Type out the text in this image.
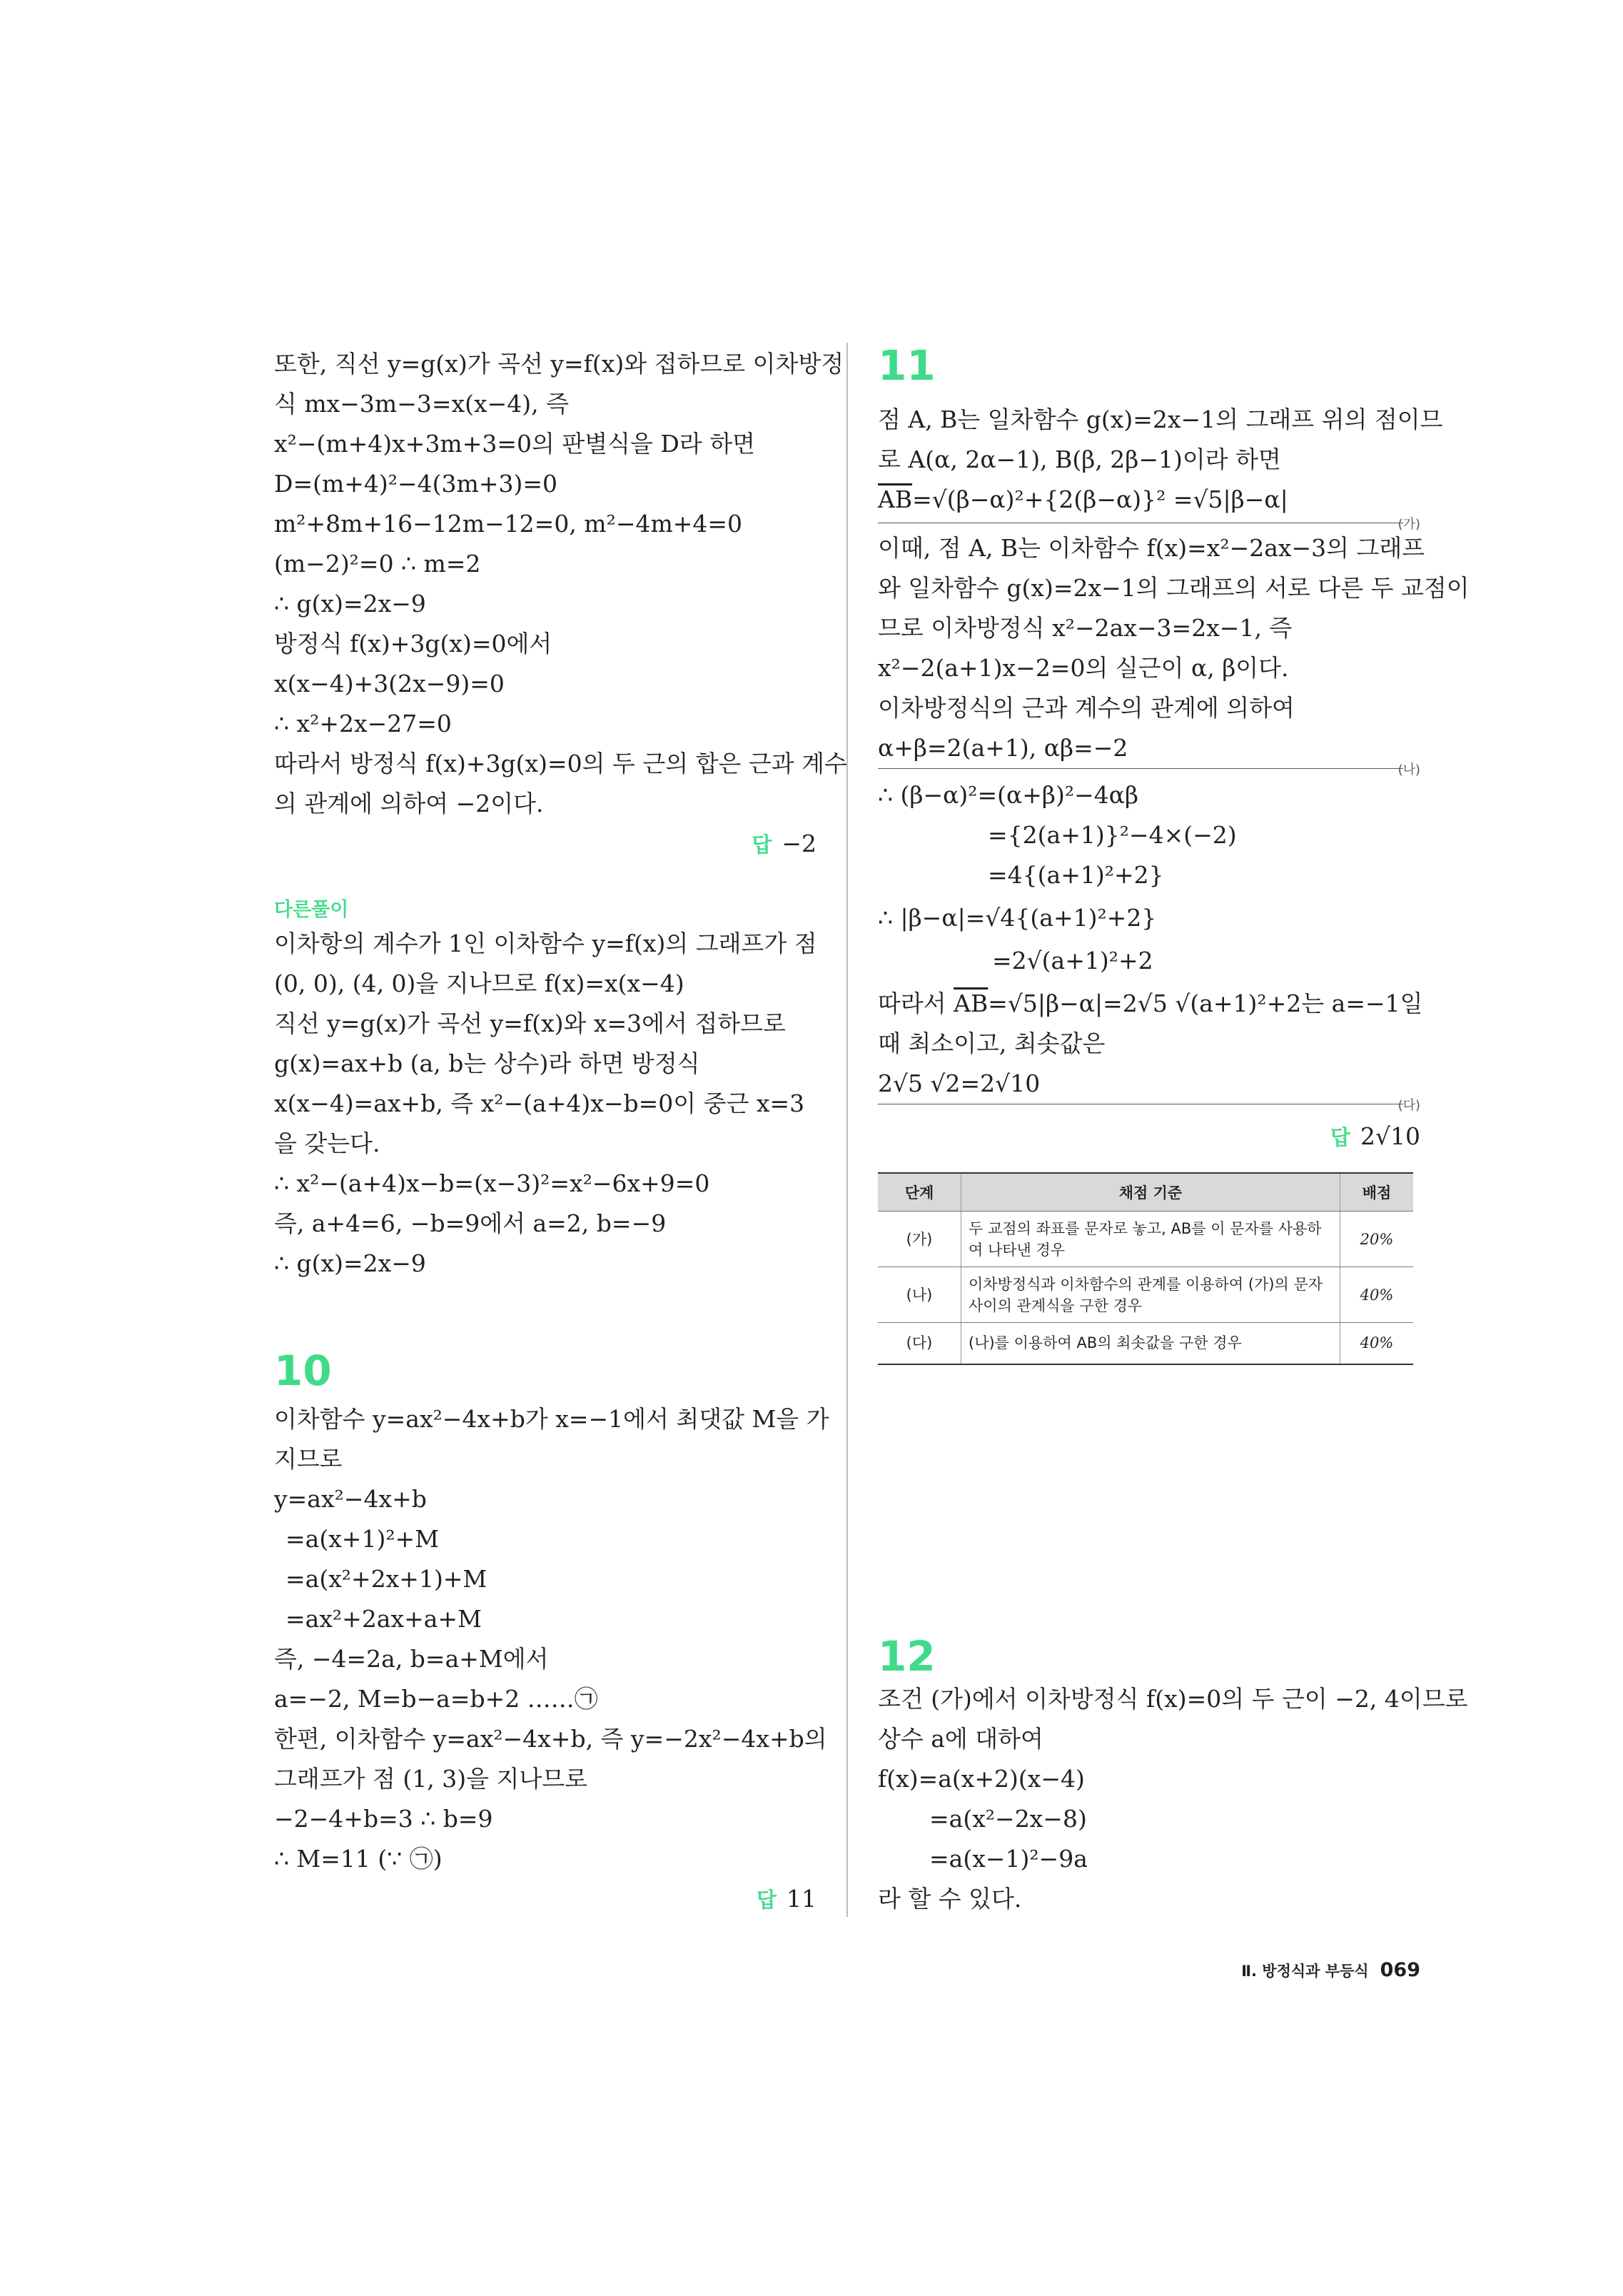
또한, 직선 y=g(x)가 곡선 y=f(x)와 접하므로 이차방정
식 mx−3m−3=x(x−4), 즉
x²−(m+4)x+3m+3=0의 판별식을 D라 하면
D=(m+4)²−4(3m+3)=0
m²+8m+16−12m−12=0, m²−4m+4=0
(m−2)²=0 ∴ m=2
∴ g(x)=2x−9
방정식 f(x)+3g(x)=0에서
x(x−4)+3(2x−9)=0
∴ x²+2x−27=0
따라서 방정식 f(x)+3g(x)=0의 두 근의 합은 근과 계수
의 관계에 의하여 −2이다.
답 −2
다른풀이
이차항의 계수가 1인 이차함수 y=f(x)의 그래프가 점
(0, 0), (4, 0)을 지나므로 f(x)=x(x−4)
직선 y=g(x)가 곡선 y=f(x)와 x=3에서 접하므로
g(x)=ax+b (a, b는 상수)라 하면 방정식
x(x−4)=ax+b, 즉 x²−(a+4)x−b=0이 중근 x=3
을 갖는다.
∴ x²−(a+4)x−b=(x−3)²=x²−6x+9=0
즉, a+4=6, −b=9에서 a=2, b=−9
∴ g(x)=2x−9
10
이차함수 y=ax²−4x+b가 x=−1에서 최댓값 M을 가
지므로
y=ax²−4x+b
=a(x+1)²+M
=a(x²+2x+1)+M
=ax²+2ax+a+M
즉, −4=2a, b=a+M에서
a=−2, M=b−a=b+2 ……㉠
한편, 이차함수 y=ax²−4x+b, 즉 y=−2x²−4x+b의
그래프가 점 (1, 3)을 지나므로
−2−4+b=3 ∴ b=9
∴ M=11 (∵ ㉠)
답 11
11
점 A, B는 일차함수 g(x)=2x−1의 그래프 위의 점이므
로 A(α, 2α−1), B(β, 2β−1)이라 하면
$\overline{AB}=√(\beta-\alpha)^2+\{2(\beta-\alpha)\}^2 =√5|\beta-\alpha|$
(가)
이때, 점 A, B는 이차함수 f(x)=x²−2ax−3의 그래프
와 일차함수 g(x)=2x−1의 그래프의 서로 다른 두 교점이
므로 이차방정식 x²−2ax−3=2x−1, 즉
x²−2(a+1)x−2=0의 실근이 α, β이다.
이차방정식의 근과 계수의 관계에 의하여
α+β=2(a+1), αβ=−2
(나)
∴ (β−α)²=(α+β)²−4αβ
={2(a+1)}²−4×(−2)
=4{(a+1)²+2}
∴ |β−α|=√4{(a+1)²+2}
=2√(a+1)²+2
따라서 $\overline{AB}=√5|\beta-\alpha|=2√5$ √(a+1)²+2는 a=−1일
때 최소이고, 최솟값은
2√5 √2=2√10
(다)
답 2√10
단계	채점 기준	배점
(가)	두 교점의 좌표를 문자로 놓고, AB를 이 문자를 사용하여 나타낸 경우	20%
(나)	이차방정식과 이차함수의 관계를 이용하여 (가)의 문자 사이의 관계식을 구한 경우	40%
(다)	(나)를 이용하여 AB의 최솟값을 구한 경우	40%
12
조건 (가)에서 이차방정식 f(x)=0의 두 근이 −2, 4이므로
상수 a에 대하여
f(x)=a(x+2)(x−4)
=a(x²−2x−8)
=a(x−1)²−9a
라 할 수 있다.
Ⅱ. 방정식과 부등식 069
